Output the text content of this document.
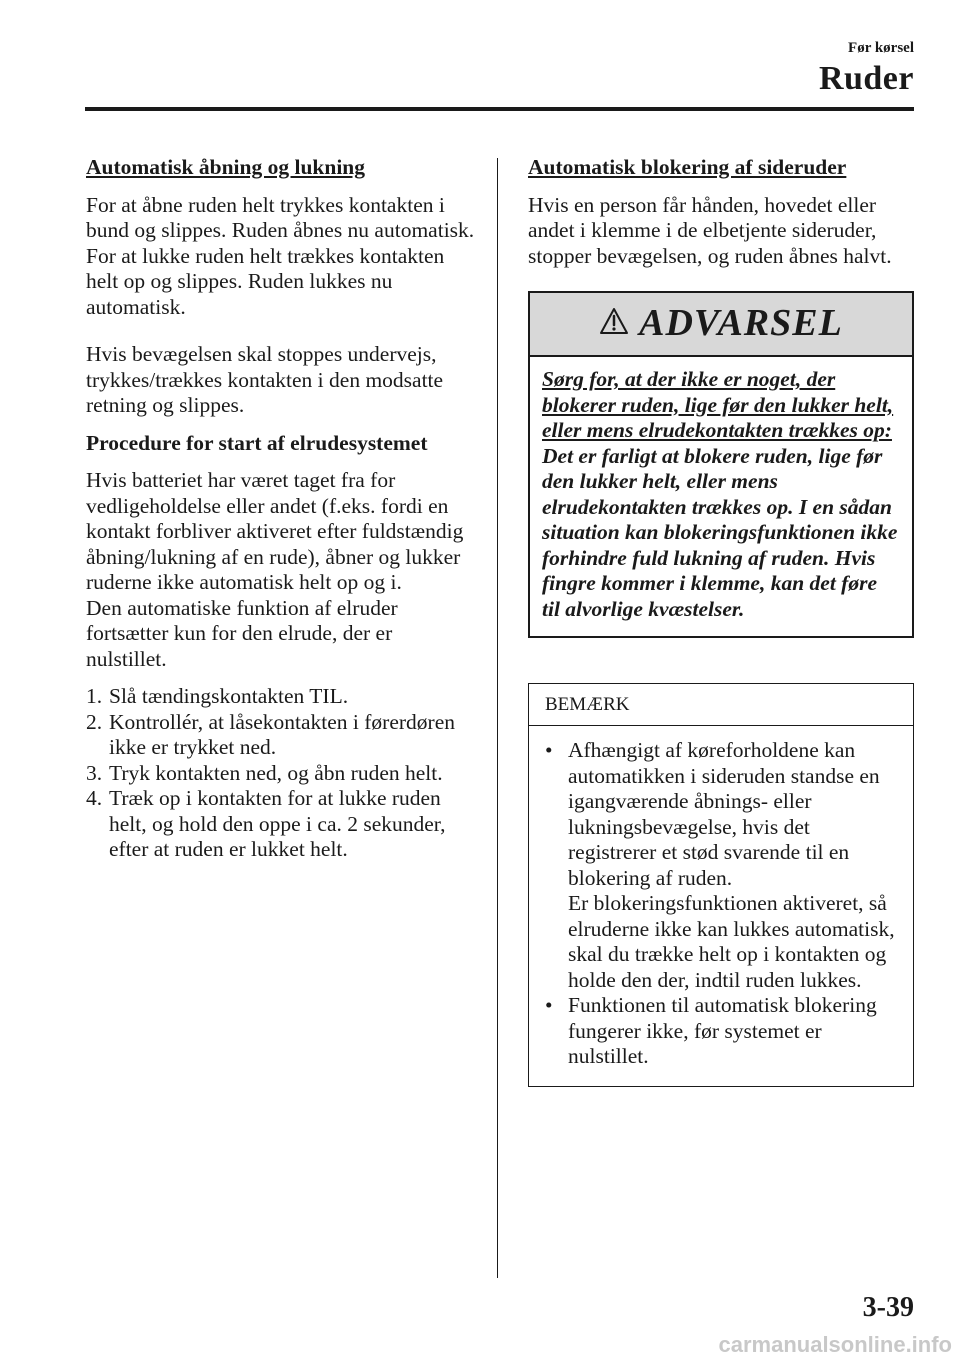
Før kørsel
Ruder
Automatisk åbning og lukning

For at åbne ruden helt trykkes kontakten i bund og slippes. Ruden åbnes nu automatisk.

For at lukke ruden helt trækkes kontakten helt op og slippes. Ruden lukkes nu automatisk.

Hvis bevægelsen skal stoppes undervejs, trykkes/trækkes kontakten i den modsatte retning og slippes.

Procedure for start af elrudesystemet

Hvis batteriet har været taget fra for vedligeholdelse eller andet (f.eks. fordi en kontakt forbliver aktiveret efter fuldstændig åbning/lukning af en rude), åbner og lukker ruderne ikke automatisk helt op og i.

Den automatiske funktion af elruder fortsætter kun for den elrude, der er nulstillet.

1. Slå tændingskontakten TIL.
2. Kontrollér, at låsekontakten i førerdøren ikke er trykket ned.
3. Tryk kontakten ned, og åbn ruden helt.
4. Træk op i kontakten for at lukke ruden helt, og hold den oppe i ca. 2 sekunder, efter at ruden er lukket helt.
Automatisk blokering af sideruder

Hvis en person får hånden, hovedet eller andet i klemme i de elbetjente sideruder, stopper bevægelsen, og ruden åbnes halvt.

ADVARSEL
Sørg for, at der ikke er noget, der blokerer ruden, lige før den lukker helt, eller mens elrudekontakten trækkes op:
Det er farligt at blokere ruden, lige før den lukker helt, eller mens elrudekontakten trækkes op. I en sådan situation kan blokeringsfunktionen ikke forhindre fuld lukning af ruden. Hvis fingre kommer i klemme, kan det føre til alvorlige kvæstelser.
BEMÆRK
• Afhængigt af køreforholdene kan automatikken i sideruden standse en igangværende åbnings- eller lukningsbevægelse, hvis det registrerer et stød svarende til en blokering af ruden.
Er blokeringsfunktionen aktiveret, så elruderne ikke kan lukkes automatisk, skal du trække helt op i kontakten og holde den der, indtil ruden lukkes.
• Funktionen til automatisk blokering fungerer ikke, før systemet er nulstillet.
3-39
carmanualsonline.info
